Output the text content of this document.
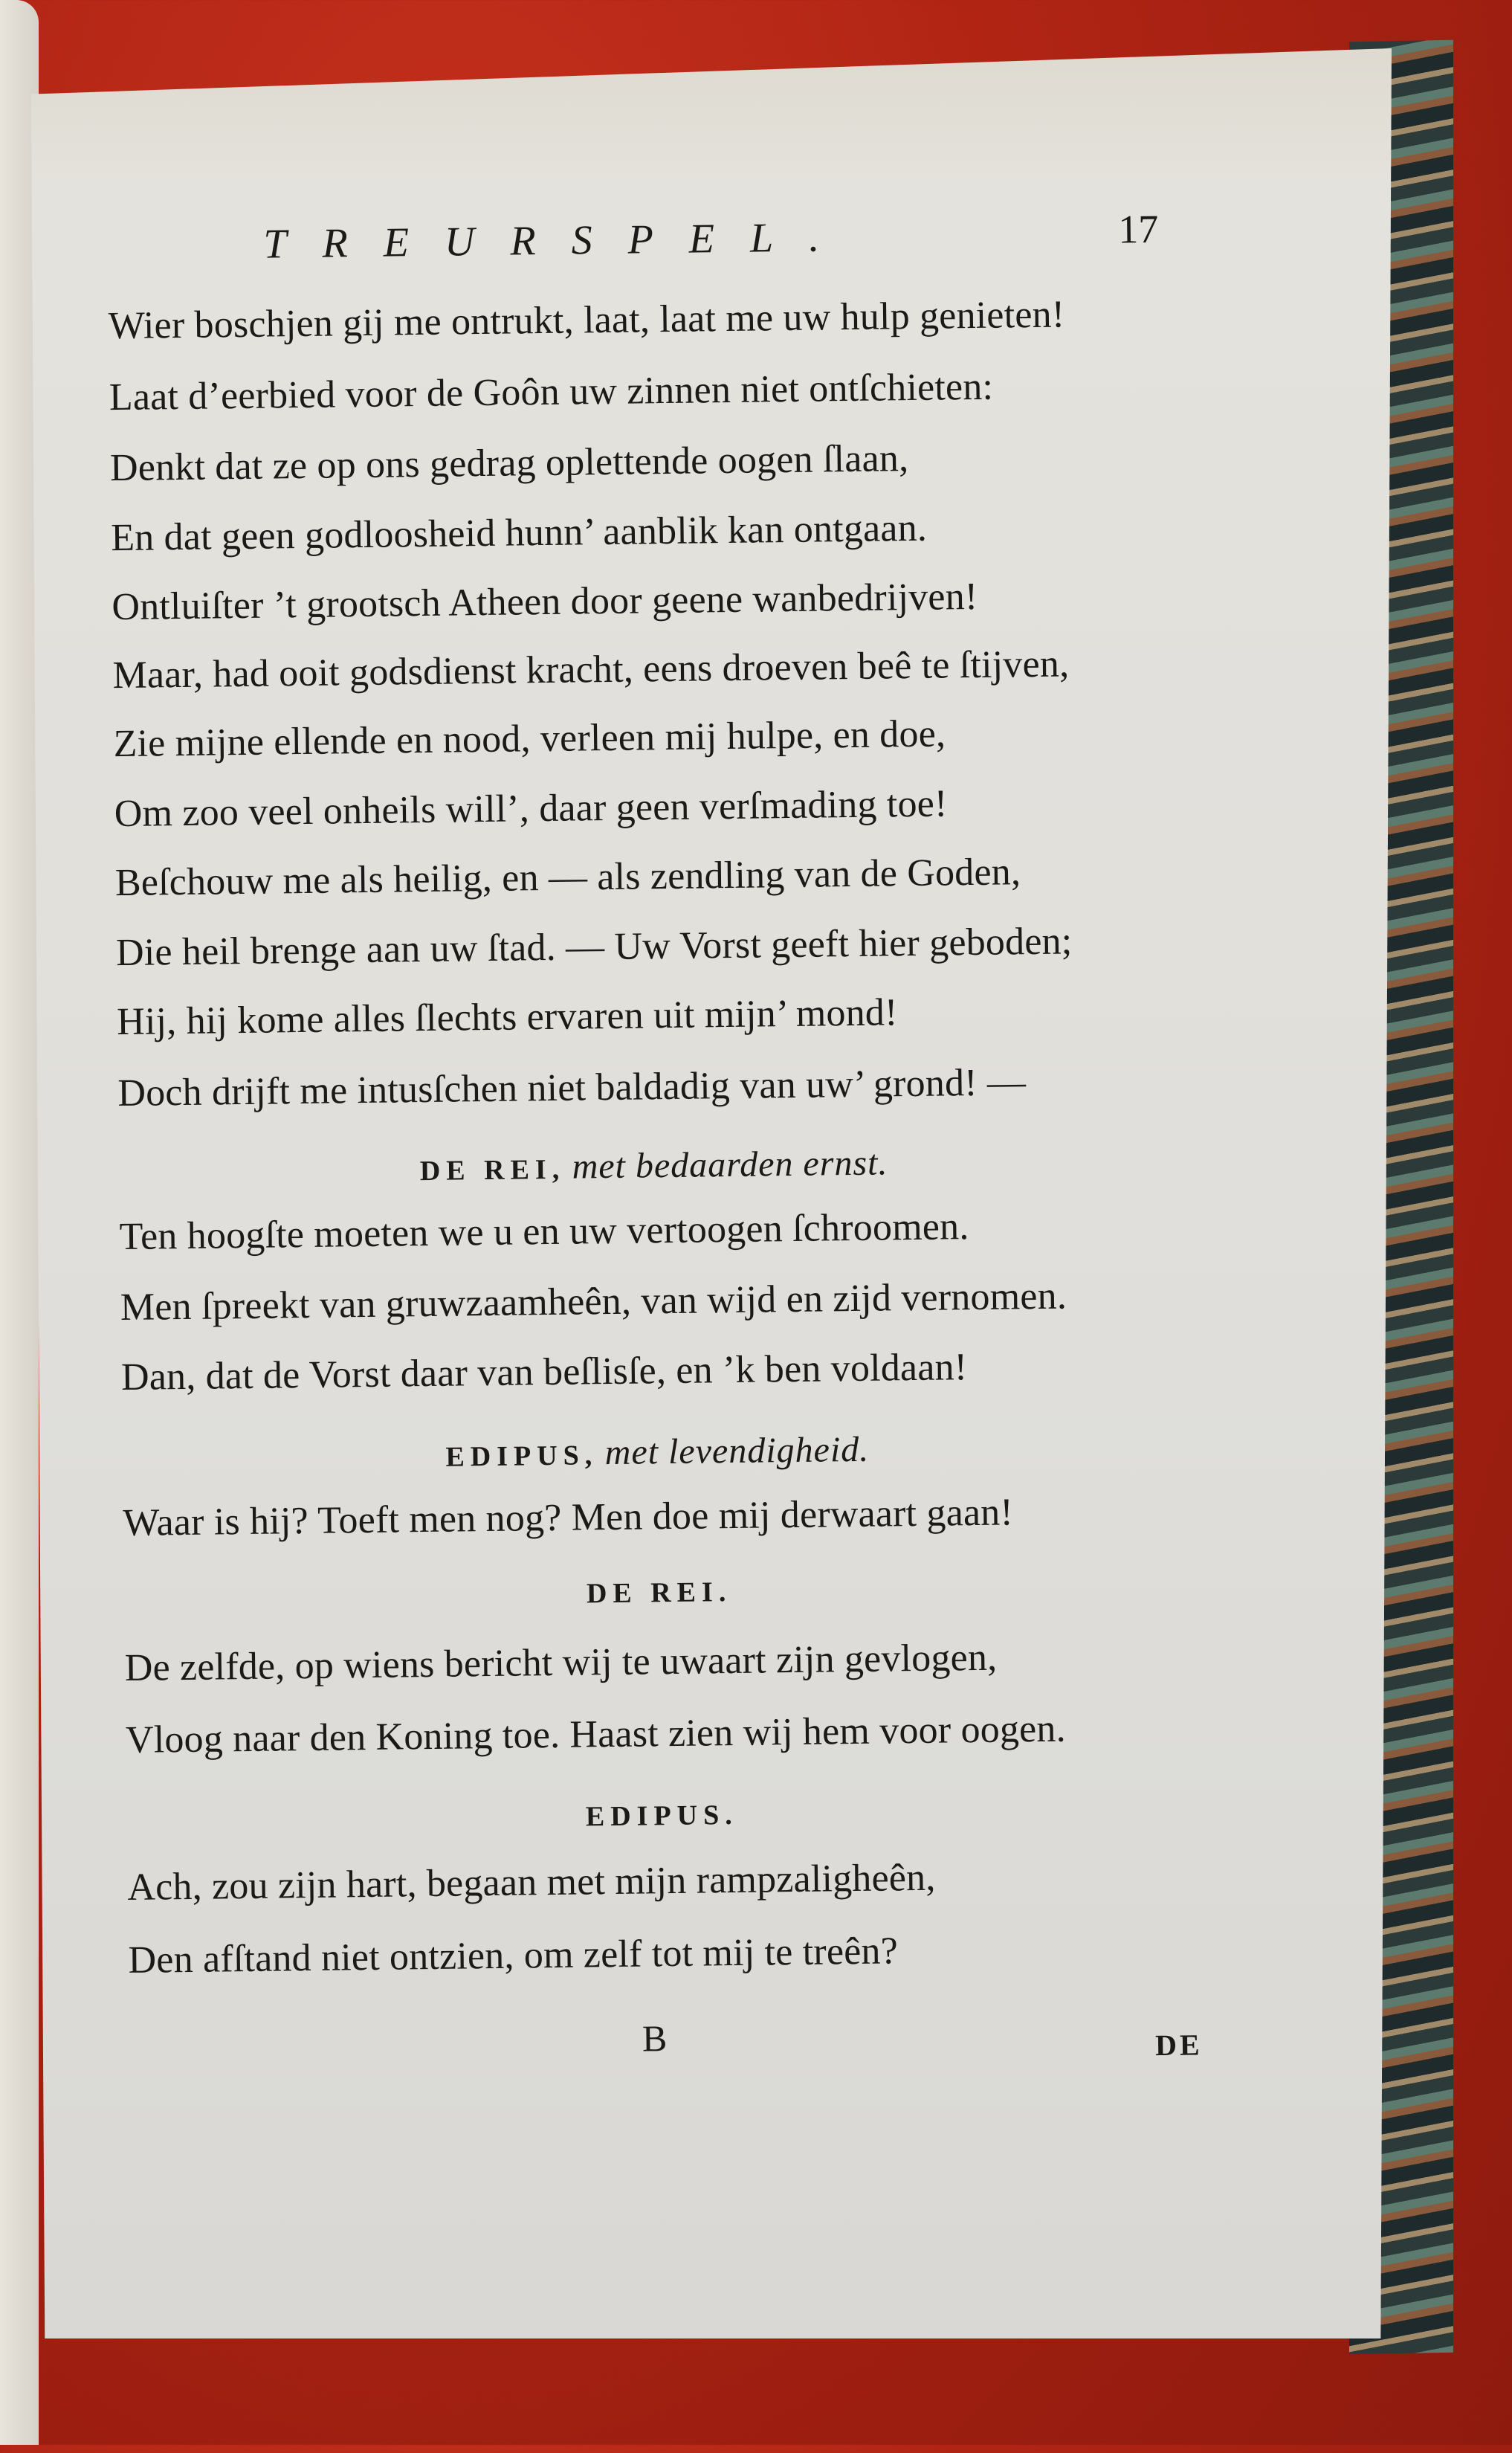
TREURSPEL.	17
Wier boschjen gij me ontrukt, laat, laat me uw hulp genieten!
Laat d’eerbied voor de Goôn uw zinnen niet ontſchieten:
Denkt dat ze op ons gedrag oplettende oogen ſlaan,
En dat geen godloosheid hunn’ aanblik kan ontgaan.
Ontluiſter ’t grootsch Atheen door geene wanbedrijven!
Maar, had ooit godsdienst kracht, eens droeven beê te ſtijven,
Zie mijne ellende en nood, verleen mij hulpe, en doe,
Om zoo veel onheils will’, daar geen verſmading toe!
Beſchouw me als heilig, en — als zendling van de Goden,
Die heil brenge aan uw ſtad. — Uw Vorst geeft hier geboden;
Hij, hij kome alles ſlechts ervaren uit mijn’ mond!
Doch drijft me intusſchen niet baldadig van uw’ grond! —
DE REI, met bedaarden ernst.
Ten hoogſte moeten we u en uw vertoogen ſchroomen.
Men ſpreekt van gruwzaamheên, van wijd en zijd vernomen.
Dan, dat de Vorst daar van beſlisſe, en ’k ben voldaan!
EDIPUS, met levendigheid.
Waar is hij? Toeft men nog? Men doe mij derwaart gaan!
DE REI.
De zelfde, op wiens bericht wij te uwaart zijn gevlogen,
Vloog naar den Koning toe. Haast zien wij hem voor oogen.
EDIPUS.
Ach, zou zijn hart, begaan met mijn rampzaligheên,
Den afſtand niet ontzien, om zelf tot mij te treên?
B	DE
